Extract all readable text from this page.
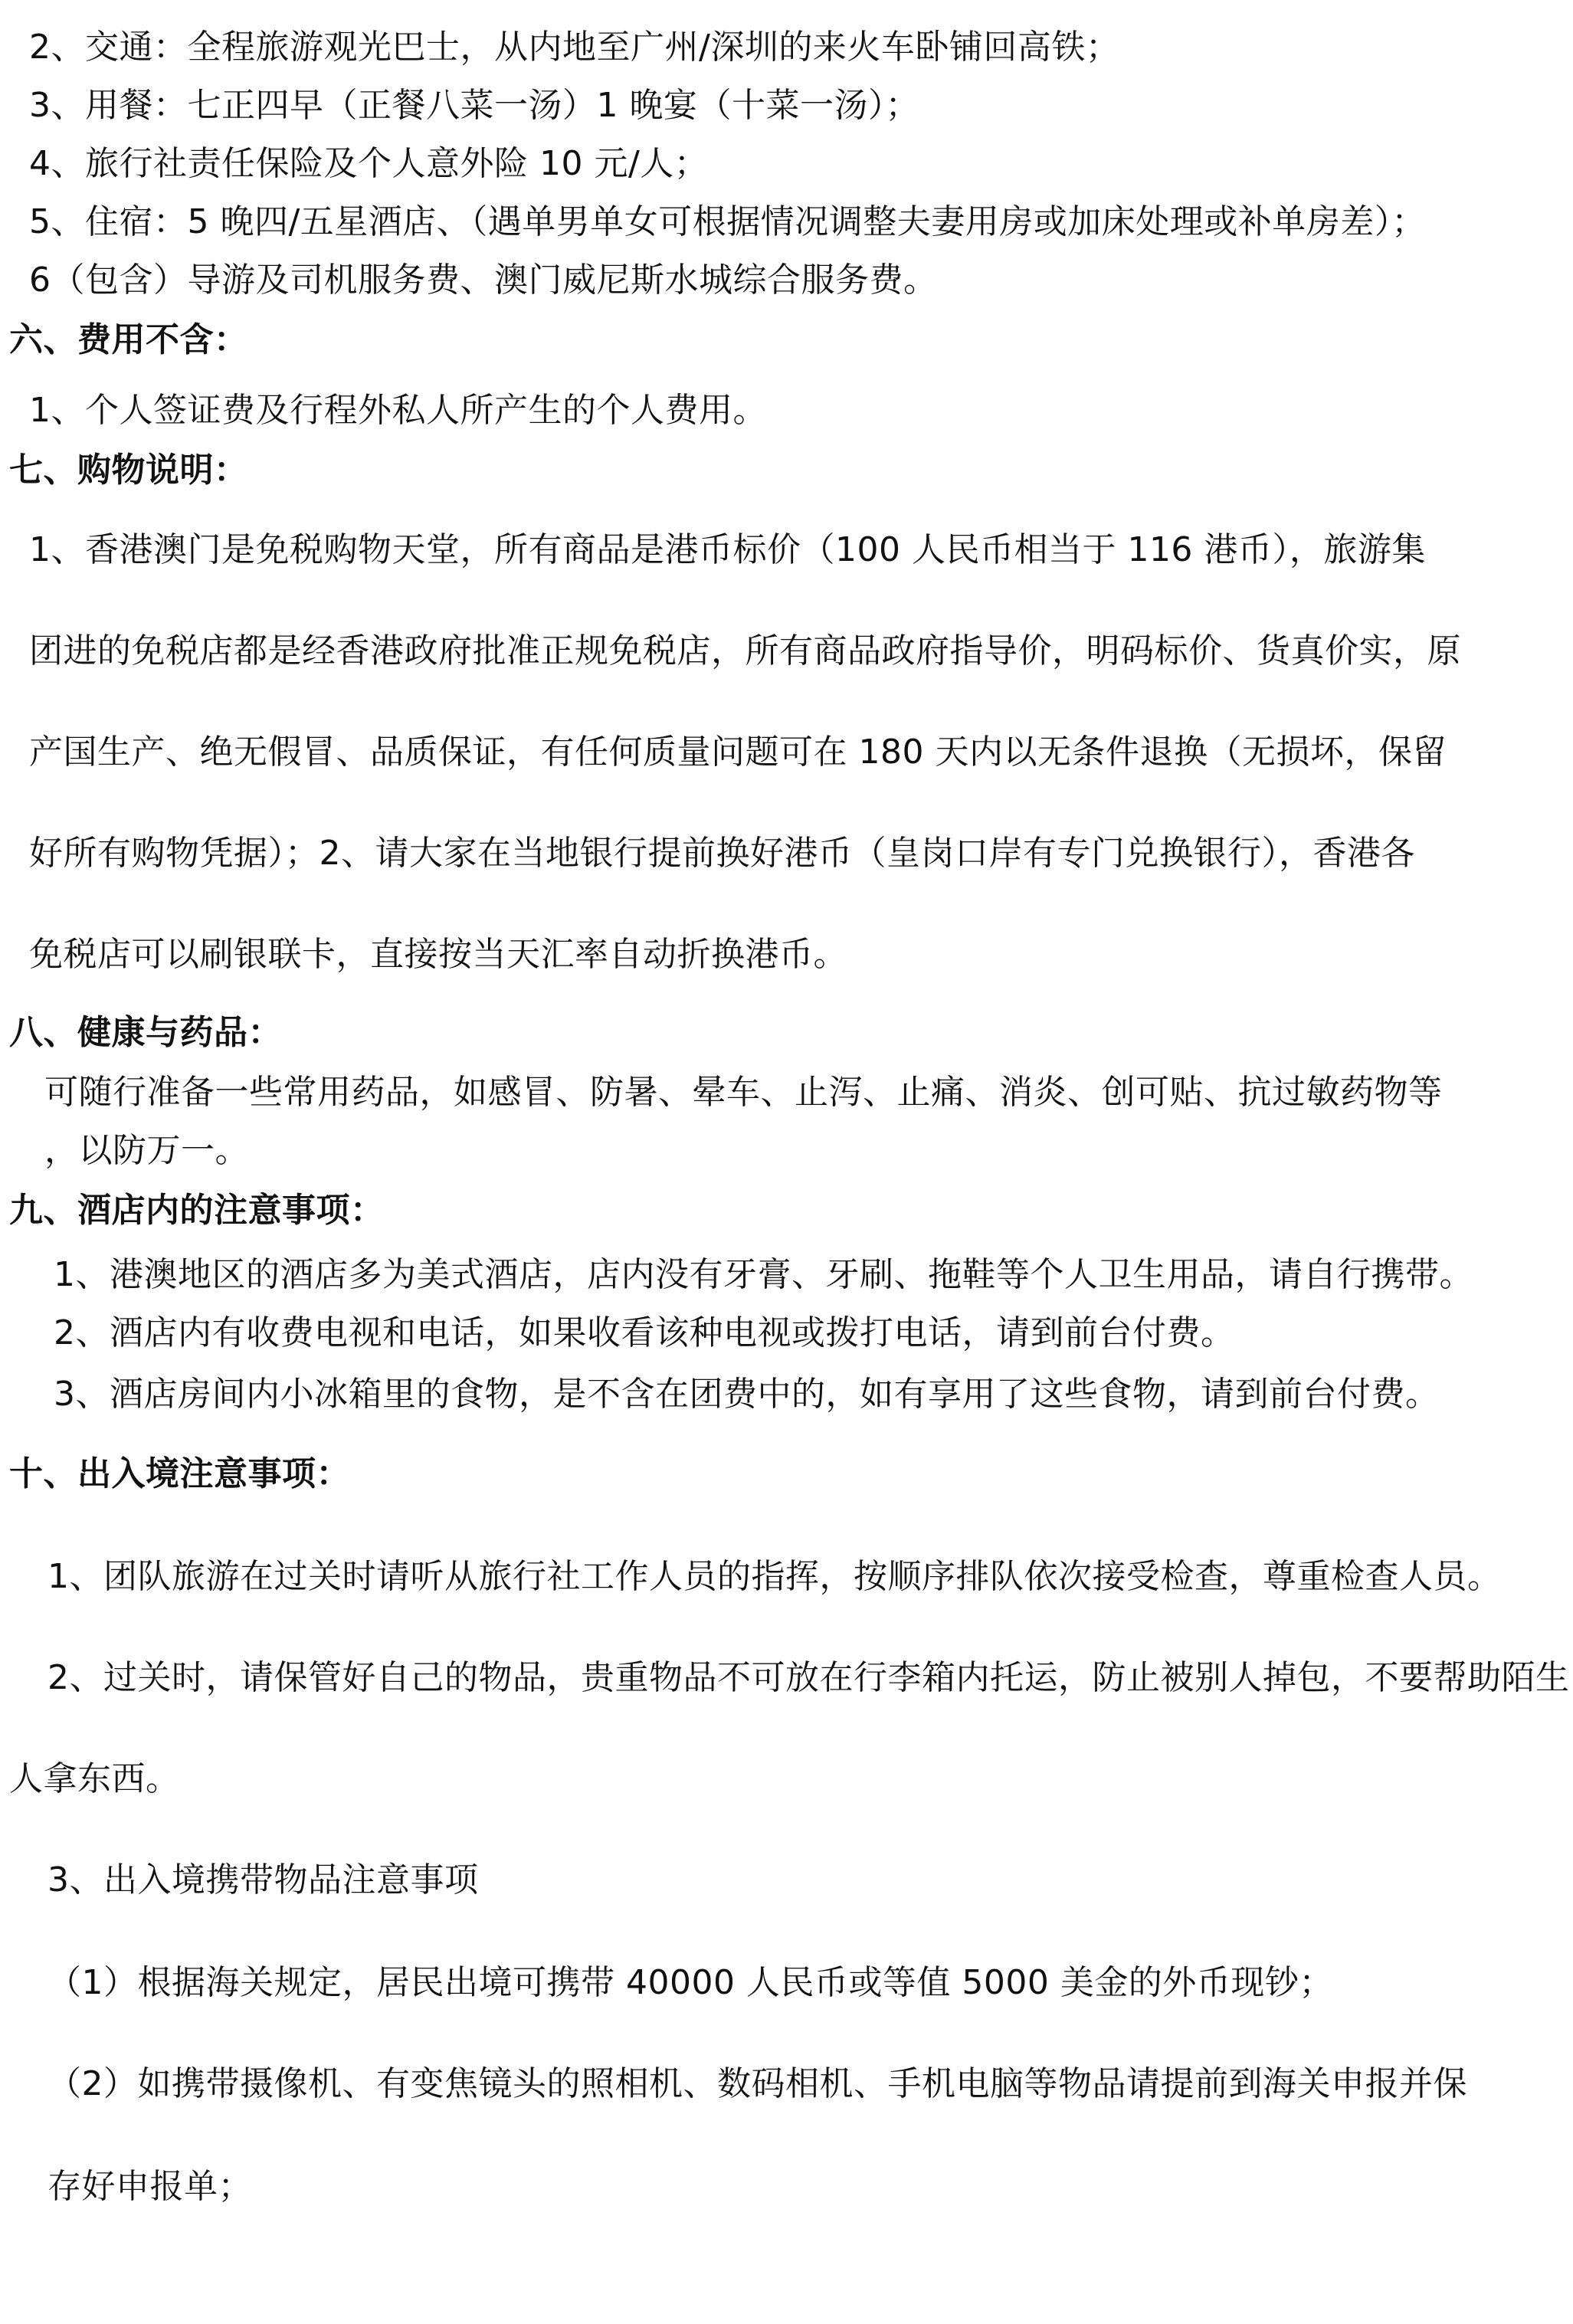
2、交通：全程旅游观光巴士，从内地至广州/深圳的来火车卧铺回高铁；
3、用餐：七正四早（正餐八菜一汤）1 晚宴（十菜一汤）；
4、旅行社责任保险及个人意外险 10 元/人；
5、住宿：5 晚四/五星酒店、（遇单男单女可根据情况调整夫妻用房或加床处理或补单房差）；
6（包含）导游及司机服务费、澳门威尼斯水城综合服务费。
六、费用不含：
1、个人签证费及行程外私人所产生的个人费用。
七、购物说明：
1、香港澳门是免税购物天堂，所有商品是港币标价（100 人民币相当于 116 港币），旅游集
团进的免税店都是经香港政府批准正规免税店，所有商品政府指导价，明码标价、货真价实，原
产国生产、绝无假冒、品质保证，有任何质量问题可在 180 天内以无条件退换（无损坏，保留
好所有购物凭据）；2、请大家在当地银行提前换好港币（皇岗口岸有专门兑换银行），香港各
免税店可以刷银联卡，直接按当天汇率自动折换港币。
八、健康与药品：
可随行准备一些常用药品，如感冒、防暑、晕车、止泻、止痛、消炎、创可贴、抗过敏药物等
，以防万一。
九、酒店内的注意事项：
1、港澳地区的酒店多为美式酒店，店内没有牙膏、牙刷、拖鞋等个人卫生用品，请自行携带。
2、酒店内有收费电视和电话，如果收看该种电视或拨打电话，请到前台付费。
3、酒店房间内小冰箱里的食物，是不含在团费中的，如有享用了这些食物，请到前台付费。
十、出入境注意事项：
1、团队旅游在过关时请听从旅行社工作人员的指挥，按顺序排队依次接受检查，尊重检查人员。
2、过关时，请保管好自己的物品，贵重物品不可放在行李箱内托运，防止被别人掉包，不要帮助陌生
人拿东西。
3、出入境携带物品注意事项
（1）根据海关规定，居民出境可携带 40000 人民币或等值 5000 美金的外币现钞；
（2）如携带摄像机、有变焦镜头的照相机、数码相机、手机电脑等物品请提前到海关申报并保
存好申报单；
